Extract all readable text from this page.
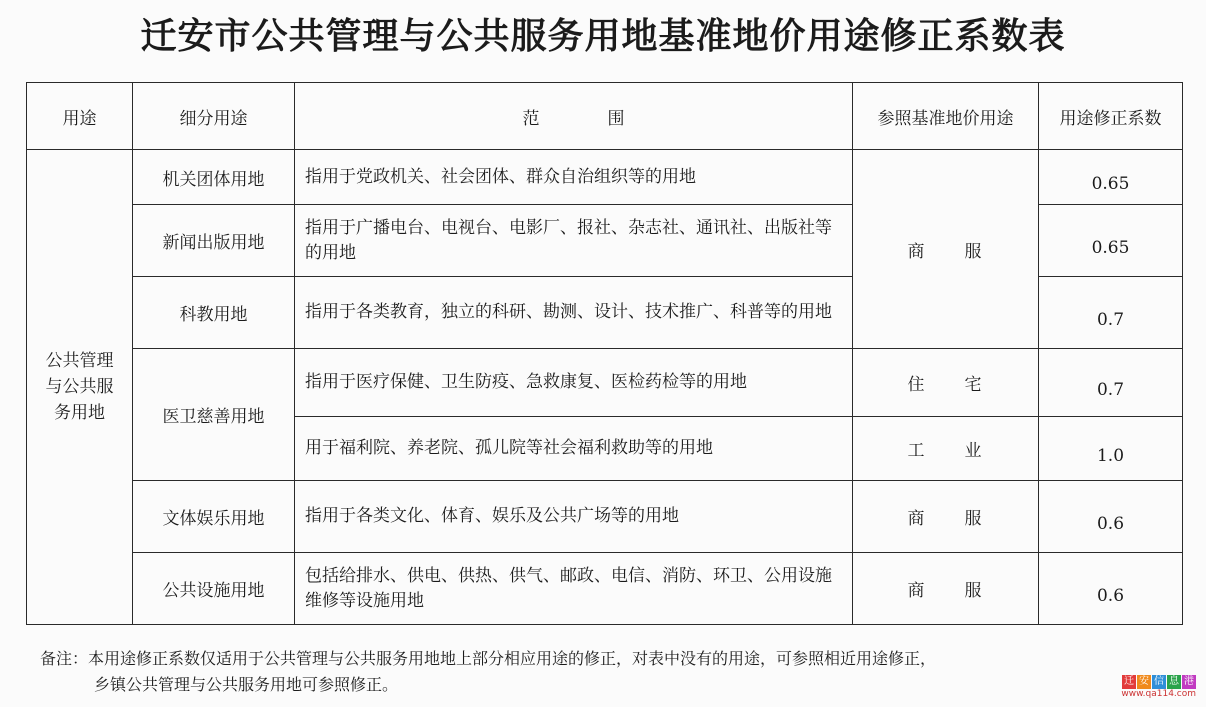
迁安市公共管理与公共服务用地基准地价用途修正系数表
用途	细分用途	范　　　　围	参照基准地价用途	用途修正系数

公共管理与公共服务用地	机关团体用地	指用于党政机关、社会团体、群众自治组织等的用地	商　　服	0.65
	新闻出版用地	指用于广播电台、电视台、电影厂、报社、杂志社、通讯社、出版社等的用地		0.65
	科教用地	指用于各类教育，独立的科研、勘测、设计、技术推广、科普等的用地		0.7
	医卫慈善用地	指用于医疗保健、卫生防疫、急救康复、医检药检等的用地	住　　宅	0.7
		用于福利院、养老院、孤儿院等社会福利救助等的用地	工　　业	1.0
	文体娱乐用地	指用于各类文化、体育、娱乐及公共广场等的用地	商　　服	0.6
	公共设施用地	包括给排水、供电、供热、供气、邮政、电信、消防、环卫、公用设施维修等设施用地	商　　服	0.6
备注：本用途修正系数仅适用于公共管理与公共服务用地地上部分相应用途的修正，对表中没有的用途，可参照相近用途修正，
乡镇公共管理与公共服务用地可参照修正。	迁 安 信 息 港
www.qa114.com
